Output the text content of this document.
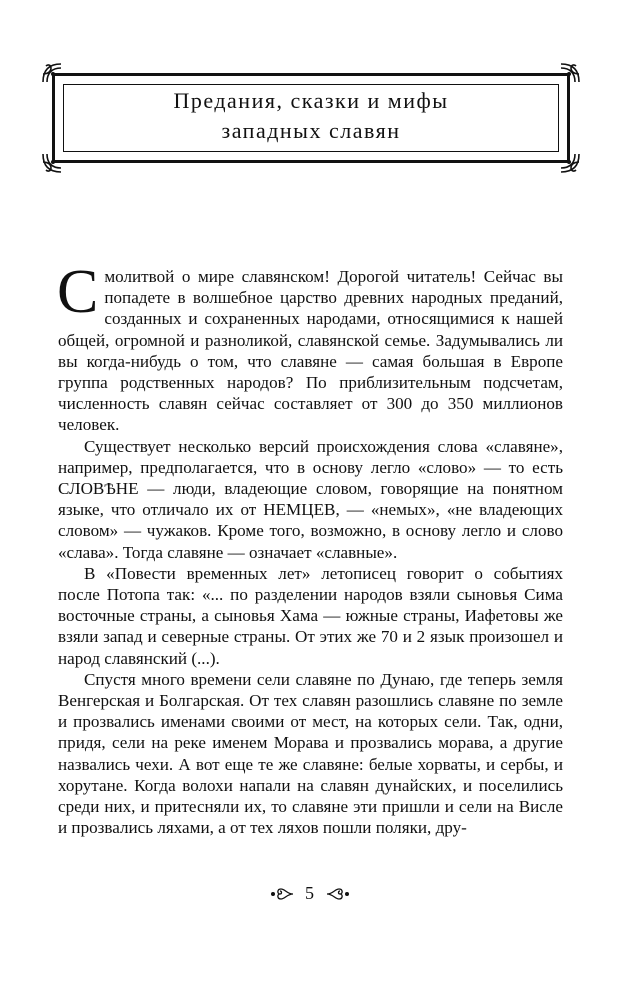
Предания, сказки и мифы
западных славян

Смолитвой о мире славянском! Дорогой читатель! Сейчас вы попадете в волшебное царство древних народных преданий, созданных и сохраненных народами, относящимися к нашей общей, огромной и разноликой, славянской семье. Задумывались ли вы когда-нибудь о том, что славяне — самая большая в Европе группа родственных народов? По приблизительным подсчетам, численность славян сейчас составляет от 300 до 350 миллионов человек.

Существует несколько версий происхождения слова «славяне», например, предполагается, что в основу легло «слово» — то есть СЛОВѢНЕ — люди, владеющие словом, говорящие на понятном языке, что отличало их от НЕМЦЕВ, — «немых», «не владеющих словом» — чужаков. Кроме того, возможно, в основу легло и слово «слава». Тогда славяне — означает «славные».

В «Повести временных лет» летописец говорит о событиях после Потопа так: «... по разделении народов взяли сыновья Сима восточные страны, а сыновья Хама — южные страны, Иафетовы же взяли запад и северные страны. От этих же 70 и 2 язык произошел и народ славянский (...).

Спустя много времени сели славяне по Дунаю, где теперь земля Венгерская и Болгарская. От тех славян разошлись славяне по земле и прозвались именами своими от мест, на которых сели. Так, одни, придя, сели на реке именем Морава и прозвались морава, а другие назвались чехи. А вот еще те же славяне: белые хорваты, и сербы, и хорутане. Когда волохи напали на славян дунайских, и поселились среди них, и притесняли их, то славяне эти пришли и сели на Висле и прозвались ляхами, а от тех ляхов пошли поляки, дру-

5
